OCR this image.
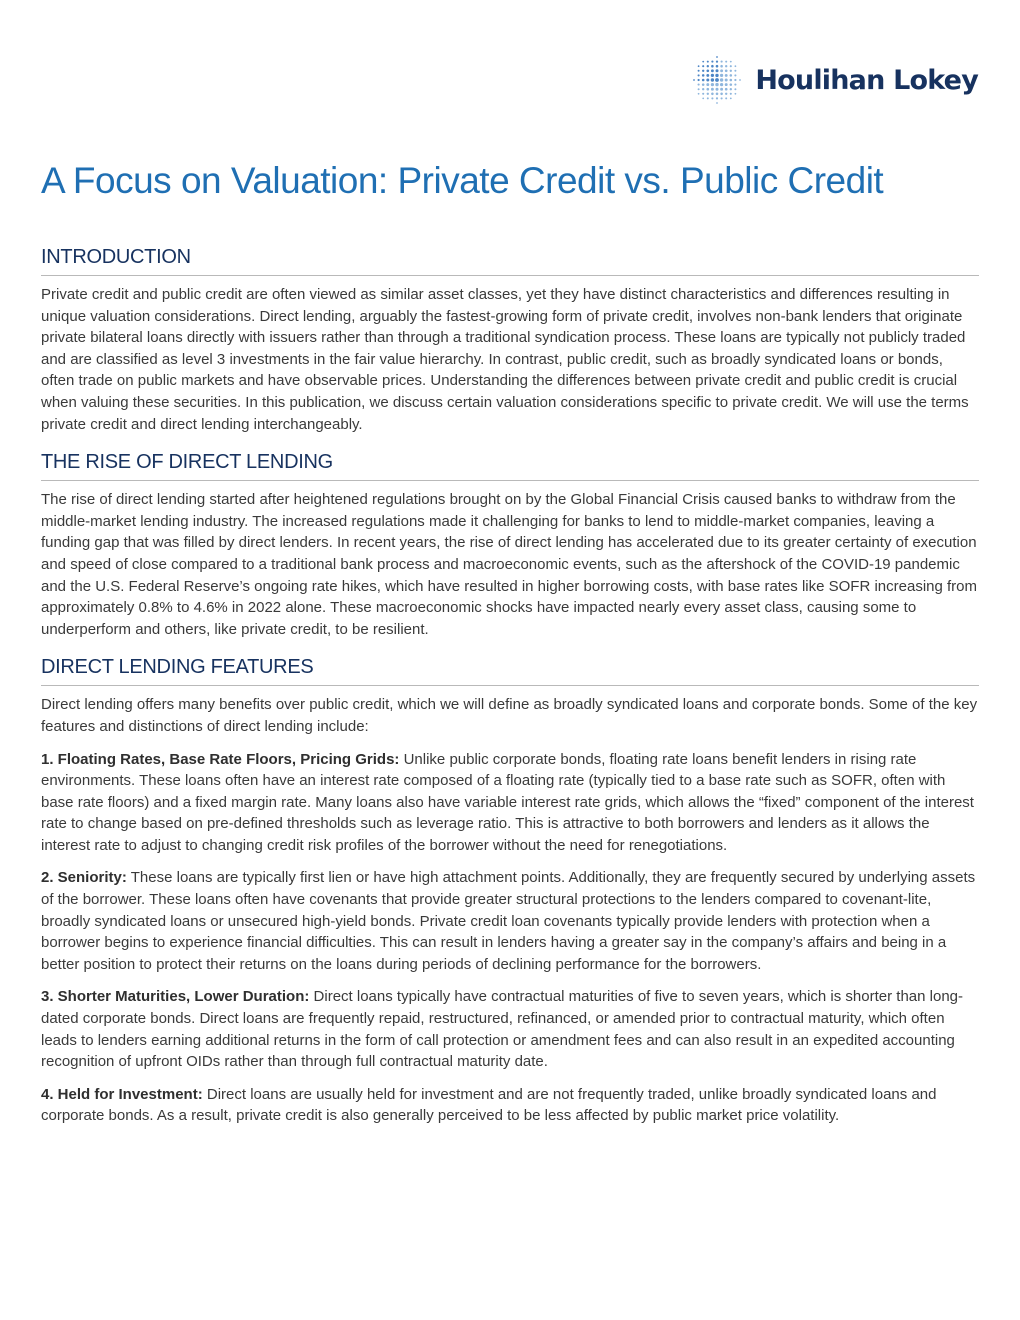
Houlihan Lokey
A Focus on Valuation: Private Credit vs. Public Credit
INTRODUCTION

Private credit and public credit are often viewed as similar asset classes, yet they have distinct characteristics and differences resulting in unique valuation considerations. Direct lending, arguably the fastest-growing form of private credit, involves non-bank lenders that originate private bilateral loans directly with issuers rather than through a traditional syndication process. These loans are typically not publicly traded and are classified as level 3 investments in the fair value hierarchy. In contrast, public credit, such as broadly syndicated loans or bonds, often trade on public markets and have observable prices. Understanding the differences between private credit and public credit is crucial when valuing these securities. In this publication, we discuss certain valuation considerations specific to private credit. We will use the terms private credit and direct lending interchangeably.

THE RISE OF DIRECT LENDING

The rise of direct lending started after heightened regulations brought on by the Global Financial Crisis caused banks to withdraw from the middle-market lending industry. The increased regulations made it challenging for banks to lend to middle-market companies, leaving a funding gap that was filled by direct lenders. In recent years, the rise of direct lending has accelerated due to its greater certainty of execution and speed of close compared to a traditional bank process and macroeconomic events, such as the aftershock of the COVID-19 pandemic and the U.S. Federal Reserve’s ongoing rate hikes, which have resulted in higher borrowing costs, with base rates like SOFR increasing from approximately 0.8% to 4.6% in 2022 alone. These macroeconomic shocks have impacted nearly every asset class, causing some to underperform and others, like private credit, to be resilient.

DIRECT LENDING FEATURES

Direct lending offers many benefits over public credit, which we will define as broadly syndicated loans and corporate bonds. Some of the key features and distinctions of direct lending include:

1. Floating Rates, Base Rate Floors, Pricing Grids: Unlike public corporate bonds, floating rate loans benefit lenders in rising rate environments. These loans often have an interest rate composed of a floating rate (typically tied to a base rate such as SOFR, often with base rate floors) and a fixed margin rate. Many loans also have variable interest rate grids, which allows the “fixed” component of the interest rate to change based on pre-defined thresholds such as leverage ratio. This is attractive to both borrowers and lenders as it allows the interest rate to adjust to changing credit risk profiles of the borrower without the need for renegotiations.

2. Seniority: These loans are typically first lien or have high attachment points. Additionally, they are frequently secured by underlying assets of the borrower. These loans often have covenants that provide greater structural protections to the lenders compared to covenant-lite, broadly syndicated loans or unsecured high-yield bonds. Private credit loan covenants typically provide lenders with protection when a borrower begins to experience financial difficulties. This can result in lenders having a greater say in the company’s affairs and being in a better position to protect their returns on the loans during periods of declining performance for the borrowers.

3. Shorter Maturities, Lower Duration: Direct loans typically have contractual maturities of five to seven years, which is shorter than long-dated corporate bonds. Direct loans are frequently repaid, restructured, refinanced, or amended prior to contractual maturity, which often leads to lenders earning additional returns in the form of call protection or amendment fees and can also result in an expedited accounting recognition of upfront OIDs rather than through full contractual maturity date.

4. Held for Investment: Direct loans are usually held for investment and are not frequently traded, unlike broadly syndicated loans and corporate bonds. As a result, private credit is also generally perceived to be less affected by public market price volatility.
